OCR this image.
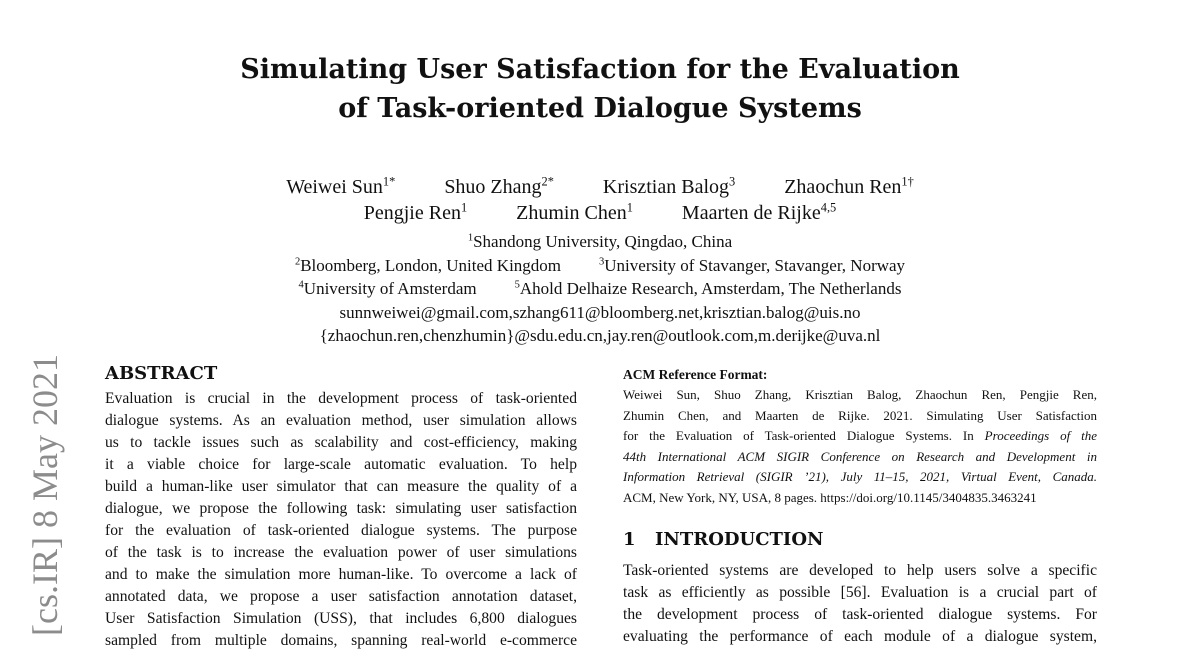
[cs.IR] 8 May 2021
Simulating User Satisfaction for the Evaluation
of Task-oriented Dialogue Systems
Weiwei Sun$^{1*}$ Shuo Zhang$^{2*}$ Krisztian Balog$^3$ Zhaochun Ren$^{1\dagger}$
Pengjie Ren$^1$ Zhumin Chen$^1$ Maarten de Rijke$^{4,5}$
$^1$Shandong University, Qingdao, China
$^2$Bloomberg, London, United Kingdom	$^3$University of Stavanger, Stavanger, Norway
$^4$University of Amsterdam	$^5$Ahold Delhaize Research, Amsterdam, The Netherlands
sunnweiwei@gmail.com,szhang611@bloomberg.net,krisztian.balog@uis.no
{zhaochun.ren,chenzhumin}@sdu.edu.cn,jay.ren@outlook.com,m.derijke@uva.nl
ABSTRACT
Evaluation is crucial in the development process of task-oriented
dialogue systems. As an evaluation method, user simulation allows
us to tackle issues such as scalability and cost-efficiency, making
it a viable choice for large-scale automatic evaluation. To help
build a human-like user simulator that can measure the quality of a
dialogue, we propose the following task: simulating user satisfaction
for the evaluation of task-oriented dialogue systems. The purpose
of the task is to increase the evaluation power of user simulations
and to make the simulation more human-like. To overcome a lack of
annotated data, we propose a user satisfaction annotation dataset,
User Satisfaction Simulation (USS), that includes 6,800 dialogues
sampled from multiple domains, spanning real-world e-commerce
ACM Reference Format:
Weiwei Sun, Shuo Zhang, Krisztian Balog, Zhaochun Ren, Pengjie Ren,
Zhumin Chen, and Maarten de Rijke. 2021. Simulating User Satisfaction
for the Evaluation of Task-oriented Dialogue Systems. In Proceedings of the
44th International ACM SIGIR Conference on Research and Development in
Information Retrieval (SIGIR ’21), July 11–15, 2021, Virtual Event, Canada.
ACM, New York, NY, USA, 8 pages. https://doi.org/10.1145/3404835.3463241
1 INTRODUCTION
Task-oriented systems are developed to help users solve a specific
task as efficiently as possible [56]. Evaluation is a crucial part of
the development process of task-oriented dialogue systems. For
evaluating the performance of each module of a dialogue system,
